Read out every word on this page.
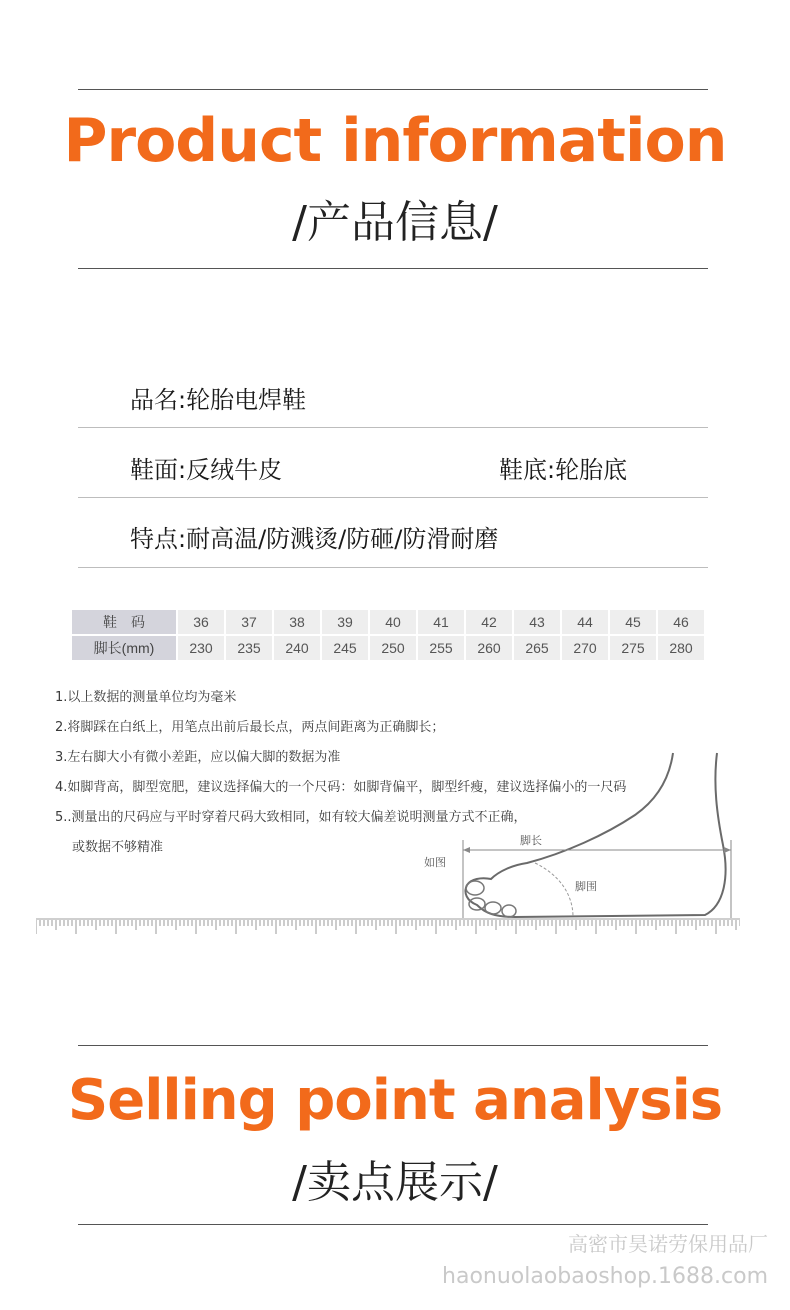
Product information
/产品信息/
品名:轮胎电焊鞋
鞋面:反绒牛皮	鞋底:轮胎底
特点:耐高温/防溅烫/防砸/防滑耐磨
鞋　码	36	37	38	39	40	41	42	43	44	45	46
脚长(mm)	230	235	240	245	250	255	260	265	270	275	280
脚长
脚围
如图
1.以上数据的测量单位均为毫米
2.将脚踩在白纸上，用笔点出前后最长点，两点间距离为正确脚长；
3.左右脚大小有微小差距，应以偏大脚的数据为准
4.如脚背高，脚型宽肥，建议选择偏大的一个尺码：如脚背偏平，脚型纤瘦，建议选择偏小的一尺码
5..测量出的尺码应与平时穿着尺码大致相同，如有较大偏差说明测量方式不正确，
或数据不够精准
Selling point analysis
/卖点展示/
高密市昊诺劳保用品厂
haonuolaobaoshop.1688.com
